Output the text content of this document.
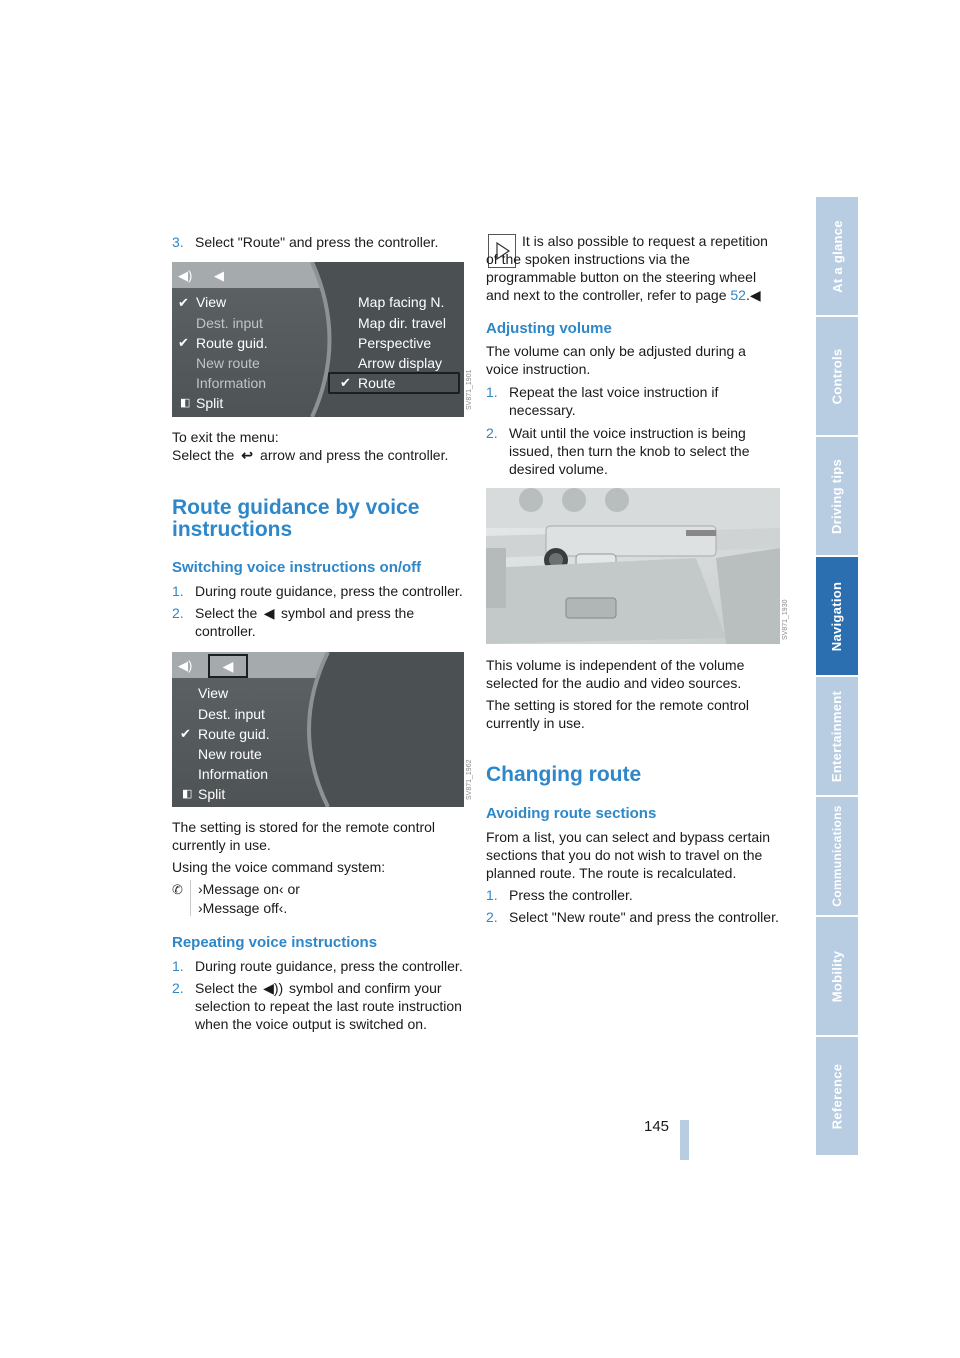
3. Select "Route" and press the controller.
◀)	◀
✔ View
Dest. input
✔ Route guid.
New route
Information
◧ Split
Map facing N.
Map dir. travel
Perspective
Arrow display
✔ Route	SV871_1901
To exit the menu:
Select the ↩ arrow and press the controller.
Route guidance by voice instructions
Switching voice instructions on/off
1. During route guidance, press the controller.
2. Select the ◀ symbol and press the controller.
◀)	◀
View
Dest. input
✔ Route guid.
New route
Information
◧ Split	SV871_1962
The setting is stored for the remote control currently in use.
Using the voice command system:
✆ ›Message on‹ or
›Message off‹.
Repeating voice instructions
1. During route guidance, press the controller.
2. Select the ◀)) symbol and confirm your selection to repeat the last route instruction when the voice output is switched on.
It is also possible to request a repetition of the spoken instructions via the programmable button on the steering wheel and next to the controller, refer to page 52.◀
Adjusting volume
The volume can only be adjusted during a voice instruction.
1. Repeat the last voice instruction if necessary.
2. Wait until the voice instruction is being issued, then turn the knob to select the desired volume.
SV871_1930
This volume is independent of the volume selected for the audio and video sources.
The setting is stored for the remote control currently in use.
Changing route
Avoiding route sections
From a list, you can select and bypass certain sections that you do not wish to travel on the planned route. The route is recalculated.
1. Press the controller.
2. Select "New route" and press the controller.
At a glance
Controls
Driving tips
Navigation
Entertainment
Communications
Mobility
Reference
145
